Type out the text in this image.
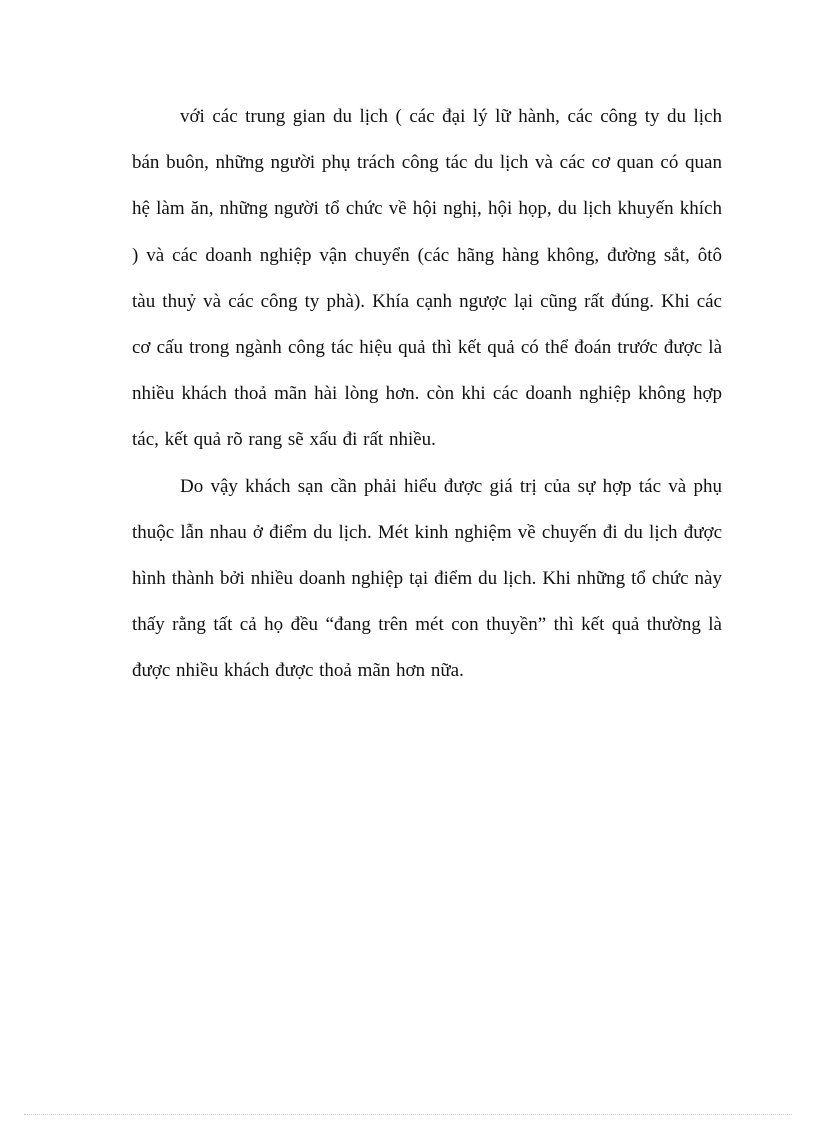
với các trung gian du lịch ( các đại lý lữ hành, các công ty du lịch bán buôn, những người phụ trách công tác du lịch và các cơ quan có quan hệ làm ăn, những người tổ chức về hội nghị, hội họp, du lịch khuyến khích ) và các doanh nghiệp vận chuyển (các hãng hàng không, đường sắt, ôtô tàu thuỷ và các công ty phà). Khía cạnh ngược lại cũng rất đúng. Khi các cơ cấu trong ngành công tác hiệu quả thì kết quả có thể đoán trước được là nhiều khách thoả mãn hài lòng hơn. còn khi các doanh nghiệp không hợp tác, kết quả rõ rang sẽ xấu đi rất nhiều.

Do vậy khách sạn cần phải hiểu được giá trị của sự hợp tác và phụ thuộc lẫn nhau ở điểm du lịch. Mét kinh nghiệm về chuyến đi du lịch được hình thành bởi nhiều doanh nghiệp tại điểm du lịch. Khi những tổ chức này thấy rằng tất cả họ đều “đang trên mét con thuyền” thì kết quả thường là được nhiều khách được thoả mãn hơn nữa.
